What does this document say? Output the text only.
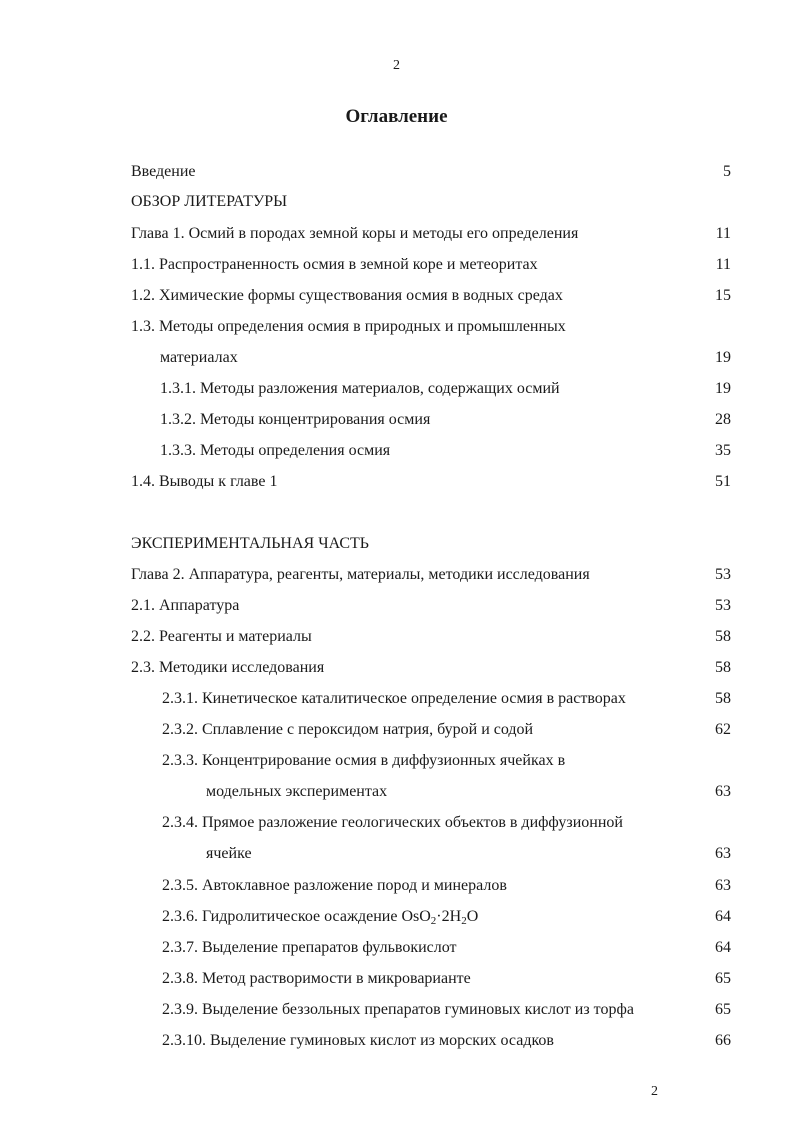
2
Оглавление
Введение	5
ОБЗОР ЛИТЕРАТУРЫ
Глава 1. Осмий в породах земной коры и методы его определения	11
1.1. Распространенность осмия в земной коре и метеоритах	11
1.2. Химические формы существования осмия в водных средах	15
1.3. Методы определения осмия в природных и промышленных
материалах	19
1.3.1. Методы разложения материалов, содержащих осмий	19
1.3.2. Методы концентрирования осмия	28
1.3.3. Методы определения осмия	35
1.4. Выводы к главе 1	51
ЭКСПЕРИМЕНТАЛЬНАЯ ЧАСТЬ
Глава 2. Аппаратура, реагенты, материалы, методики исследования	53
2.1. Аппаратура	53
2.2. Реагенты и материалы	58
2.3. Методики исследования	58
2.3.1. Кинетическое каталитическое определение осмия в растворах	58
2.3.2. Сплавление с пероксидом натрия, бурой и содой	62
2.3.3. Концентрирование осмия в диффузионных ячейках в
модельных экспериментах	63
2.3.4. Прямое разложение геологических объектов в диффузионной
ячейке	63
2.3.5. Автоклавное разложение пород и минералов	63
2.3.6. Гидролитическое осаждение $OsO_2\cdot 2H_2O$	64
2.3.7. Выделение препаратов фульвокислот	64
2.3.8. Метод растворимости в микроварианте	65
2.3.9. Выделение беззольных препаратов гуминовых кислот из торфа	65
2.3.10. Выделение гуминовых кислот из морских осадков	66
2
